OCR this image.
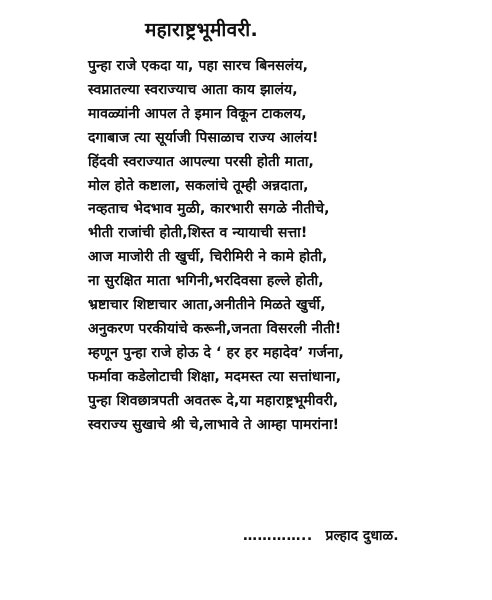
महाराष्ट्रभूमीवरी.
पुन्हा राजे एकदा या, पहा सारच बिनसलंय,
स्वप्नातल्या स्वराज्याच आता काय झालंय,
मावळ्यांनी आपल ते इमान विकून टाकलय,
दगाबाज त्या सूर्याजी पिसाळाच राज्य आलंय!
हिंदवी स्वराज्यात आपल्या परसी होती माता,
मोल होते कष्टाला, सकलांचे तूम्ही अन्नदाता,
नव्हताच भेदभाव मुळी, कारभारी सगळे नीतीचे,
भीती राजांची होती,शिस्त व न्यायाची सत्ता!
आज माजोरी ती खुर्ची, चिरीमिरी ने कामे होती,
ना सुरक्षित माता भगिनी,भरदिवसा हल्ले होती,
भ्रष्टाचार शिष्टाचार आता,अनीतीने मिळते खुर्ची,
अनुकरण परकीयांचे करूनी,जनता विसरली नीती!
म्हणून पुन्हा राजे होऊ दे ‘ हर हर महादेव’ गर्जना,
फर्मावा कडेलोटाची शिक्षा, मदमस्त त्या सत्तांधाना,
पुन्हा शिवछात्रपती अवतरू दे,या महाराष्ट्रभूमीवरी,
स्वराज्य सुखाचे श्री चे,लाभावे ते आम्हा पामरांना!
………….. प्रल्हाद दुधाळ.
